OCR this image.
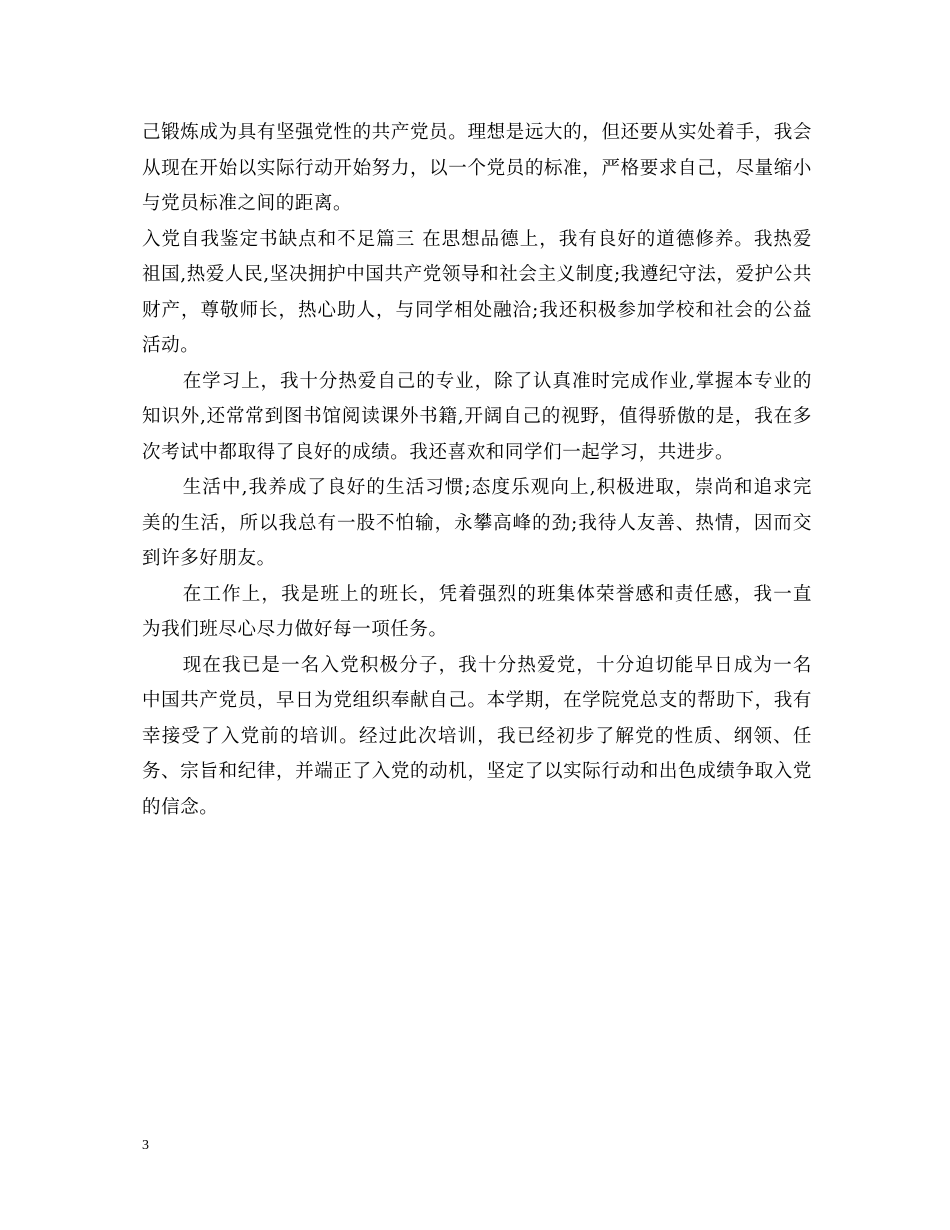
己锻炼成为具有坚强党性的共产党员。理想是远大的，但还要从实处着手，我会从现在开始以实际行动开始努力，以一个党员的标准，严格要求自己，尽量缩小与党员标准之间的距离。

入党自我鉴定书缺点和不足篇三 在思想品德上，我有良好的道德修养。我热爱祖国,热爱人民,坚决拥护中国共产党领导和社会主义制度;我遵纪守法，爱护公共财产，尊敬师长，热心助人，与同学相处融洽;我还积极参加学校和社会的公益活动。

在学习上，我十分热爱自己的专业，除了认真准时完成作业,掌握本专业的知识外,还常常到图书馆阅读课外书籍,开阔自己的视野，值得骄傲的是，我在多次考试中都取得了良好的成绩。我还喜欢和同学们一起学习，共进步。

生活中,我养成了良好的生活习惯;态度乐观向上,积极进取，崇尚和追求完美的生活，所以我总有一股不怕输，永攀高峰的劲;我待人友善、热情，因而交到许多好朋友。

在工作上，我是班上的班长，凭着强烈的班集体荣誉感和责任感，我一直为我们班尽心尽力做好每一项任务。

现在我已是一名入党积极分子，我十分热爱党，十分迫切能早日成为一名中国共产党员，早日为党组织奉献自己。本学期，在学院党总支的帮助下，我有幸接受了入党前的培训。经过此次培训，我已经初步了解党的性质、纲领、任务、宗旨和纪律，并端正了入党的动机，坚定了以实际行动和出色成绩争取入党的信念。

3
